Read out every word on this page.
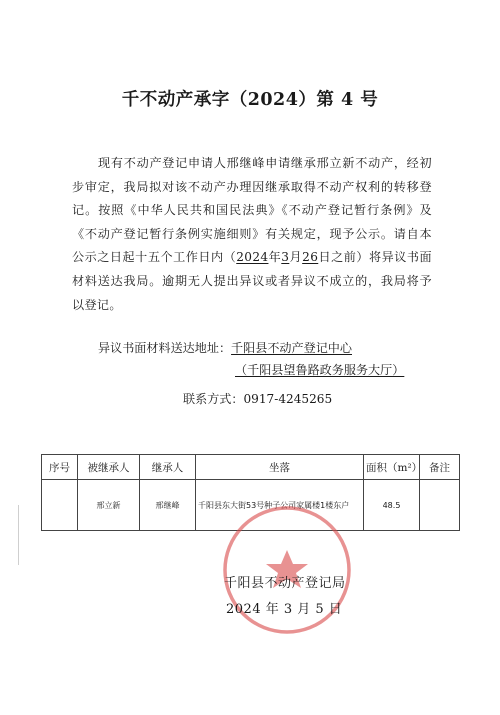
千不动产承字（2024）第 4 号
现有不动产登记申请人邢继峰申请继承邢立新不动产，经初步审定，我局拟对该不动产办理因继承取得不动产权利的转移登记。按照《中华人民共和国民法典》《不动产登记暂行条例》及《不动产登记暂行条例实施细则》有关规定，现予公示。请自本公示之日起十五个工作日内（2024年3月26日之前）将异议书面材料送达我局。逾期无人提出异议或者异议不成立的，我局将予以登记。
异议书面材料送达地址：千阳县不动产登记中心
（千阳县望鲁路政务服务大厅）
联系方式：0917-4245265
序号	被继承人	继承人	坐落	面积（m²）	备注
	邢立新	邢继峰	千阳县东大街53号种子公司家属楼1楼东户	48.5	
千阳县不动产登记局
2024 年 3 月 5 日
